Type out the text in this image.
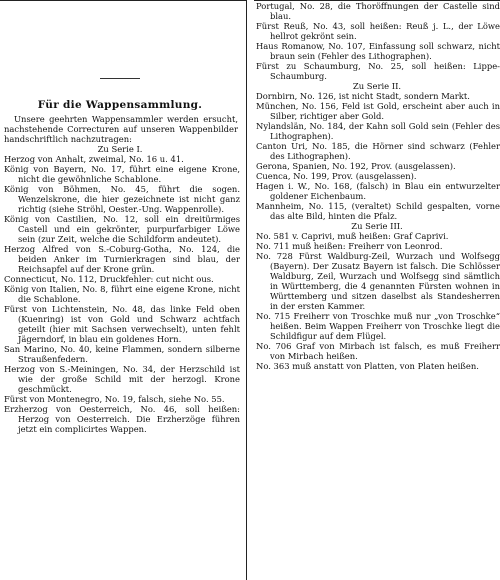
Für die Wappensammlung.

Unsere geehrten Wappensammler werden ersucht, nachstehende Correcturen auf unseren Wappenbilder handschriftlich nachzutragen:

Zu Serie I.

Herzog von Anhalt, zweimal, No. 16 u. 41.

König von Bayern, No. 17, führt eine eigene Krone, nicht die gewöhnliche Schablone.

König von Böhmen, No. 45, führt die sogen. Wenzelskrone, die hier gezeichnete ist nicht ganz richtig (siehe Ströhl, Oester.-Ung. Wappenrolle).

König von Castilien, No. 12, soll ein dreitürmiges Castell und ein gekrönter, purpurfarbiger Löwe sein (zur Zeit, welche die Schildform andeutet).

Herzog Alfred von S.-Coburg-Gotha, No. 124, die beiden Anker im Turnierkragen sind blau, der Reichsapfel auf der Krone grün.

Connecticut, No. 112, Druckfehler: cut nicht ous.

König von Italien, No. 8, führt eine eigene Krone, nicht die Schablone.

Fürst von Lichtenstein, No. 48, das linke Feld oben (Kuenring) ist von Gold und Schwarz achtfach geteilt (hier mit Sachsen verwechselt), unten fehlt Jägerndorf, in blau ein goldenes Horn.

San Marino, No. 40, keine Flammen, sondern silberne Straußenfedern.

Herzog von S.-Meiningen, No. 34, der Herzschild ist wie der große Schild mit der herzogl. Krone geschmückt.

Fürst von Montenegro, No. 19, falsch, siehe No. 55.

Erzherzog von Oesterreich, No. 46, soll heißen: Herzog von Oesterreich. Die Erzherzöge führen jetzt ein complicirtes Wappen.

Portugal, No. 28, die Thoröffnungen der Castelle sind blau.

Fürst Reuß, No. 43, soll heißen: Reuß j. L., der Löwe hellrot gekrönt sein.

Haus Romanow, No. 107, Einfassung soll schwarz, nicht braun sein (Fehler des Lithographen).

Fürst zu Schaumburg, No. 25, soll heißen: Lippe-Schaumburg.

Zu Serie II.

Dornbirn, No. 126, ist nicht Stadt, sondern Markt.

München, No. 156, Feld ist Gold, erscheint aber auch in Silber, richtiger aber Gold.

Nylandslän, No. 184, der Kahn soll Gold sein (Fehler des Lithographen).

Canton Uri, No. 185, die Hörner sind schwarz (Fehler des Lithographen).

Gerona, Spanien, No. 192, Prov. (ausgelassen).

Cuenca, No. 199, Prov. (ausgelassen).

Hagen i. W., No. 168, (falsch) in Blau ein entwurzelter goldener Eichenbaum.

Mannheim, No. 115, (veraltet) Schild gespalten, vorne das alte Bild, hinten die Pfalz.

Zu Serie III.

No. 581 v. Caprivi, muß heißen: Graf Caprivi.

No. 711 muß heißen: Freiherr von Leonrod.

No. 728 Fürst Waldburg-Zeil, Wurzach und Wolfsegg (Bayern). Der Zusatz Bayern ist falsch. Die Schlösser Waldburg, Zeil, Wurzach und Wolfsegg sind sämtlich in Württemberg, die 4 genannten Fürsten wohnen in Württemberg und sitzen daselbst als Standesherren in der ersten Kammer.

No. 715 Freiherr von Troschke muß nur „von Troschke“ heißen. Beim Wappen Freiherr von Troschke liegt die Schildfigur auf dem Flügel.

No. 706 Graf von Mirbach ist falsch, es muß Freiherr von Mirbach heißen.

No. 363 muß anstatt von Platten, von Platen heißen.
